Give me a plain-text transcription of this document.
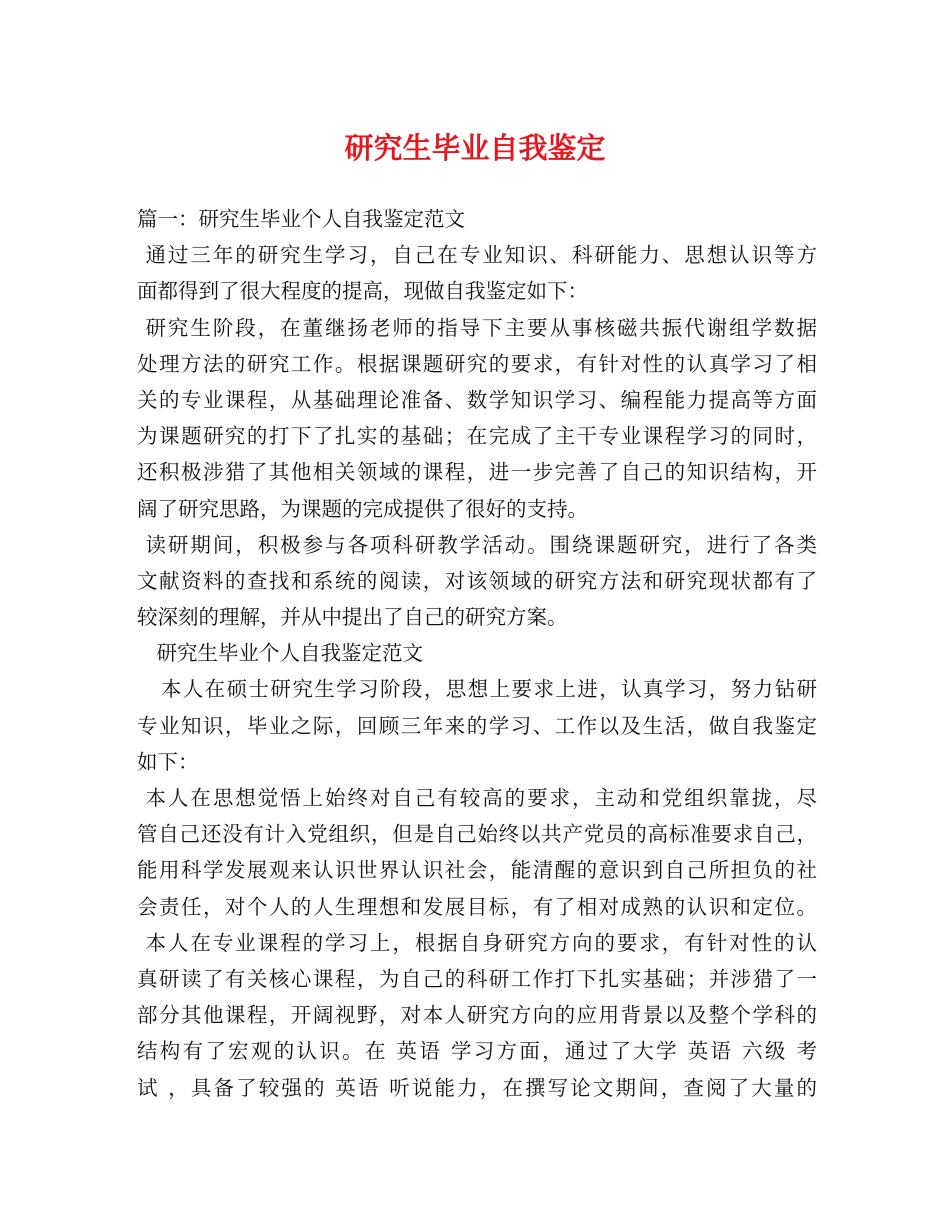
研究生毕业自我鉴定
篇一：研究生毕业个人自我鉴定范文
通过三年的研究生学习，自己在专业知识、科研能力、思想认识等方
面都得到了很大程度的提高，现做自我鉴定如下：
研究生阶段，在董继扬老师的指导下主要从事核磁共振代谢组学数据
处理方法的研究工作。根据课题研究的要求，有针对性的认真学习了相
关的专业课程，从基础理论准备、数学知识学习、编程能力提高等方面
为课题研究的打下了扎实的基础；在完成了主干专业课程学习的同时，
还积极涉猎了其他相关领域的课程，进一步完善了自己的知识结构，开
阔了研究思路，为课题的完成提供了很好的支持。
读研期间，积极参与各项科研教学活动。围绕课题研究，进行了各类
文献资料的查找和系统的阅读，对该领域的研究方法和研究现状都有了
较深刻的理解，并从中提出了自己的研究方案。
研究生毕业个人自我鉴定范文
本人在硕士研究生学习阶段，思想上要求上进，认真学习，努力钻研
专业知识，毕业之际，回顾三年来的学习、工作以及生活，做自我鉴定
如下：
本人在思想觉悟上始终对自己有较高的要求，主动和党组织靠拢，尽
管自己还没有计入党组织，但是自己始终以共产党员的高标准要求自己，
能用科学发展观来认识世界认识社会，能清醒的意识到自己所担负的社
会责任，对个人的人生理想和发展目标，有了相对成熟的认识和定位。
本人在专业课程的学习上，根据自身研究方向的要求，有针对性的认
真研读了有关核心课程，为自己的科研工作打下扎实基础；并涉猎了一
部分其他课程，开阔视野，对本人研究方向的应用背景以及整个学科的
结构有了宏观的认识。在 英语 学习方面，通过了大学 英语 六级 考
试 ，具备了较强的 英语 听说能力，在撰写论文期间，查阅了大量的
